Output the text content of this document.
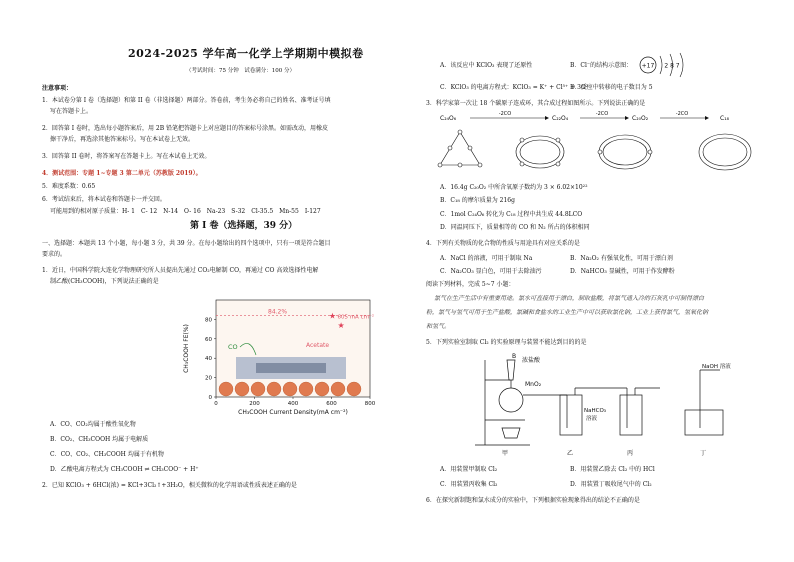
2024-2025 学年高一化学上学期期中模拟卷
（考试时间：75 分钟　试卷满分：100 分）
注意事项：
1．本试卷分第 I 卷（选择题）和第 II 卷（非选择题）两部分。答卷前，考生务必将自己的姓名、准考证号填
写在答题卡上。
2．回答第 I 卷时，选出每小题答案后，用 2B 铅笔把答题卡上对应题目的答案标号涂黑。如需改动，用橡皮
擦干净后，再选涂其他答案标号。写在本试卷上无效。
3．回答第 II 卷时，将答案写在答题卡上。写在本试卷上无效。
4．测试范围：专题 1~专题 3 第二单元（苏教版 2019）。
5．难度系数：0.65
6．考试结束后，将本试卷和答题卡一并交回。
可能用到的相对原子质量：H- 1　C- 12　N-14　O- 16　Na-23　S-32　Cl-35.5　Mn-55　I-127
第 I 卷（选择题，39 分）
一、选择题：本题共 13 个小题，每小题 3 分，共 39 分。在每小题给出的四个选项中，只有一项是符合题目
要求的。
1．近日，中国科学院大连化学物理研究所人员提出先通过 CO₂电解制 CO，再通过 CO 高效选择性电解
制乙酸(CH₃COOH)，下列说法正确的是
0	200	400	600	800
0
20
40
60
80
★
★
84.2%
605 mA cm⁻²
CO	Acetate
CH₃COOH Current Density(mA cm⁻²)
CH₃COOH FE(%)
A．CO、CO₂均属于酸性氧化物
B．CO₂、CH₃COOH 均属于电解质
C．CO、CO₂、CH₃COOH 均属于有机物
D．乙酸电离方程式为 CH₃COOH ⇌ CH₃COO⁻ + H⁺
2．已知 KClO₃ + 6HCl(浓) = KCl+3Cl₂↑+3H₂O，相关微粒的化学用语或性质表述正确的是
A．该反应中 KClO₃ 表现了还原性	B．Cl⁻的结构示意图： +17 2 8 7
C．KClO₃ 的电离方程式：KClO₃ = K⁺ + Cl⁵⁺ + 3O²⁻
D．反应中转移的电子数目为 5
3．科学家第一次让 18 个碳原子连成环，其合成过程如图所示。下列说法正确的是
C₂₄O₆
-2CO
C₂₂O₄
-2CO
C₂₀O₂
-2CO
C₁₈
A．16.4g C₂₀O₂ 中所含氧原子数约为 3 × 6.02×10²²
B．C₁₈ 的摩尔质量为 216g
C．1mol C₂₄O₆ 转化为 C₁₈ 过程中共生成 44.8LCO
D．同温同压下，质量相等的 CO 和 N₂ 所占的体积相同
4．下列有关物质的化合物的性质与用途具有对应关系的是
A．NaCl 的溶液，可用于制取 Na	B．Na₂O₂ 有强氧化性，可用于漂白剂
C．Na₂CO₃ 显白色，可用于去除油污	D．NaHCO₃ 显碱性，可用于作发酵粉
阅读下列材料，完成 5~7 小题：
氯气在生产生活中有重要用途。氯水可直接用于漂白，制取盐酸，将氯气通入冷的石灰乳中可制得漂白
粉，氯气与氢气可用于生产盐酸，氯碱和食盐水的工业生产中可以获取氯化钠，工业上获得氯气，氢氧化钠
和氢气。
5．下列实验室制取 Cl₂ 的实验原理与装置不能达到目的的是
B
浓盐酸
MnO₂
NaHCO₃
溶液
NaOH 溶液
甲	乙	丙	丁
A．用装置甲制取 Cl₂	B．用装置乙除去 Cl₂ 中的 HCl
C．用装置丙收集 Cl₂	D．用装置丁吸收尾气中的 Cl₂
6．在探究新制饱和氯水成分的实验中，下列根据实验现象得出的结论不正确的是
